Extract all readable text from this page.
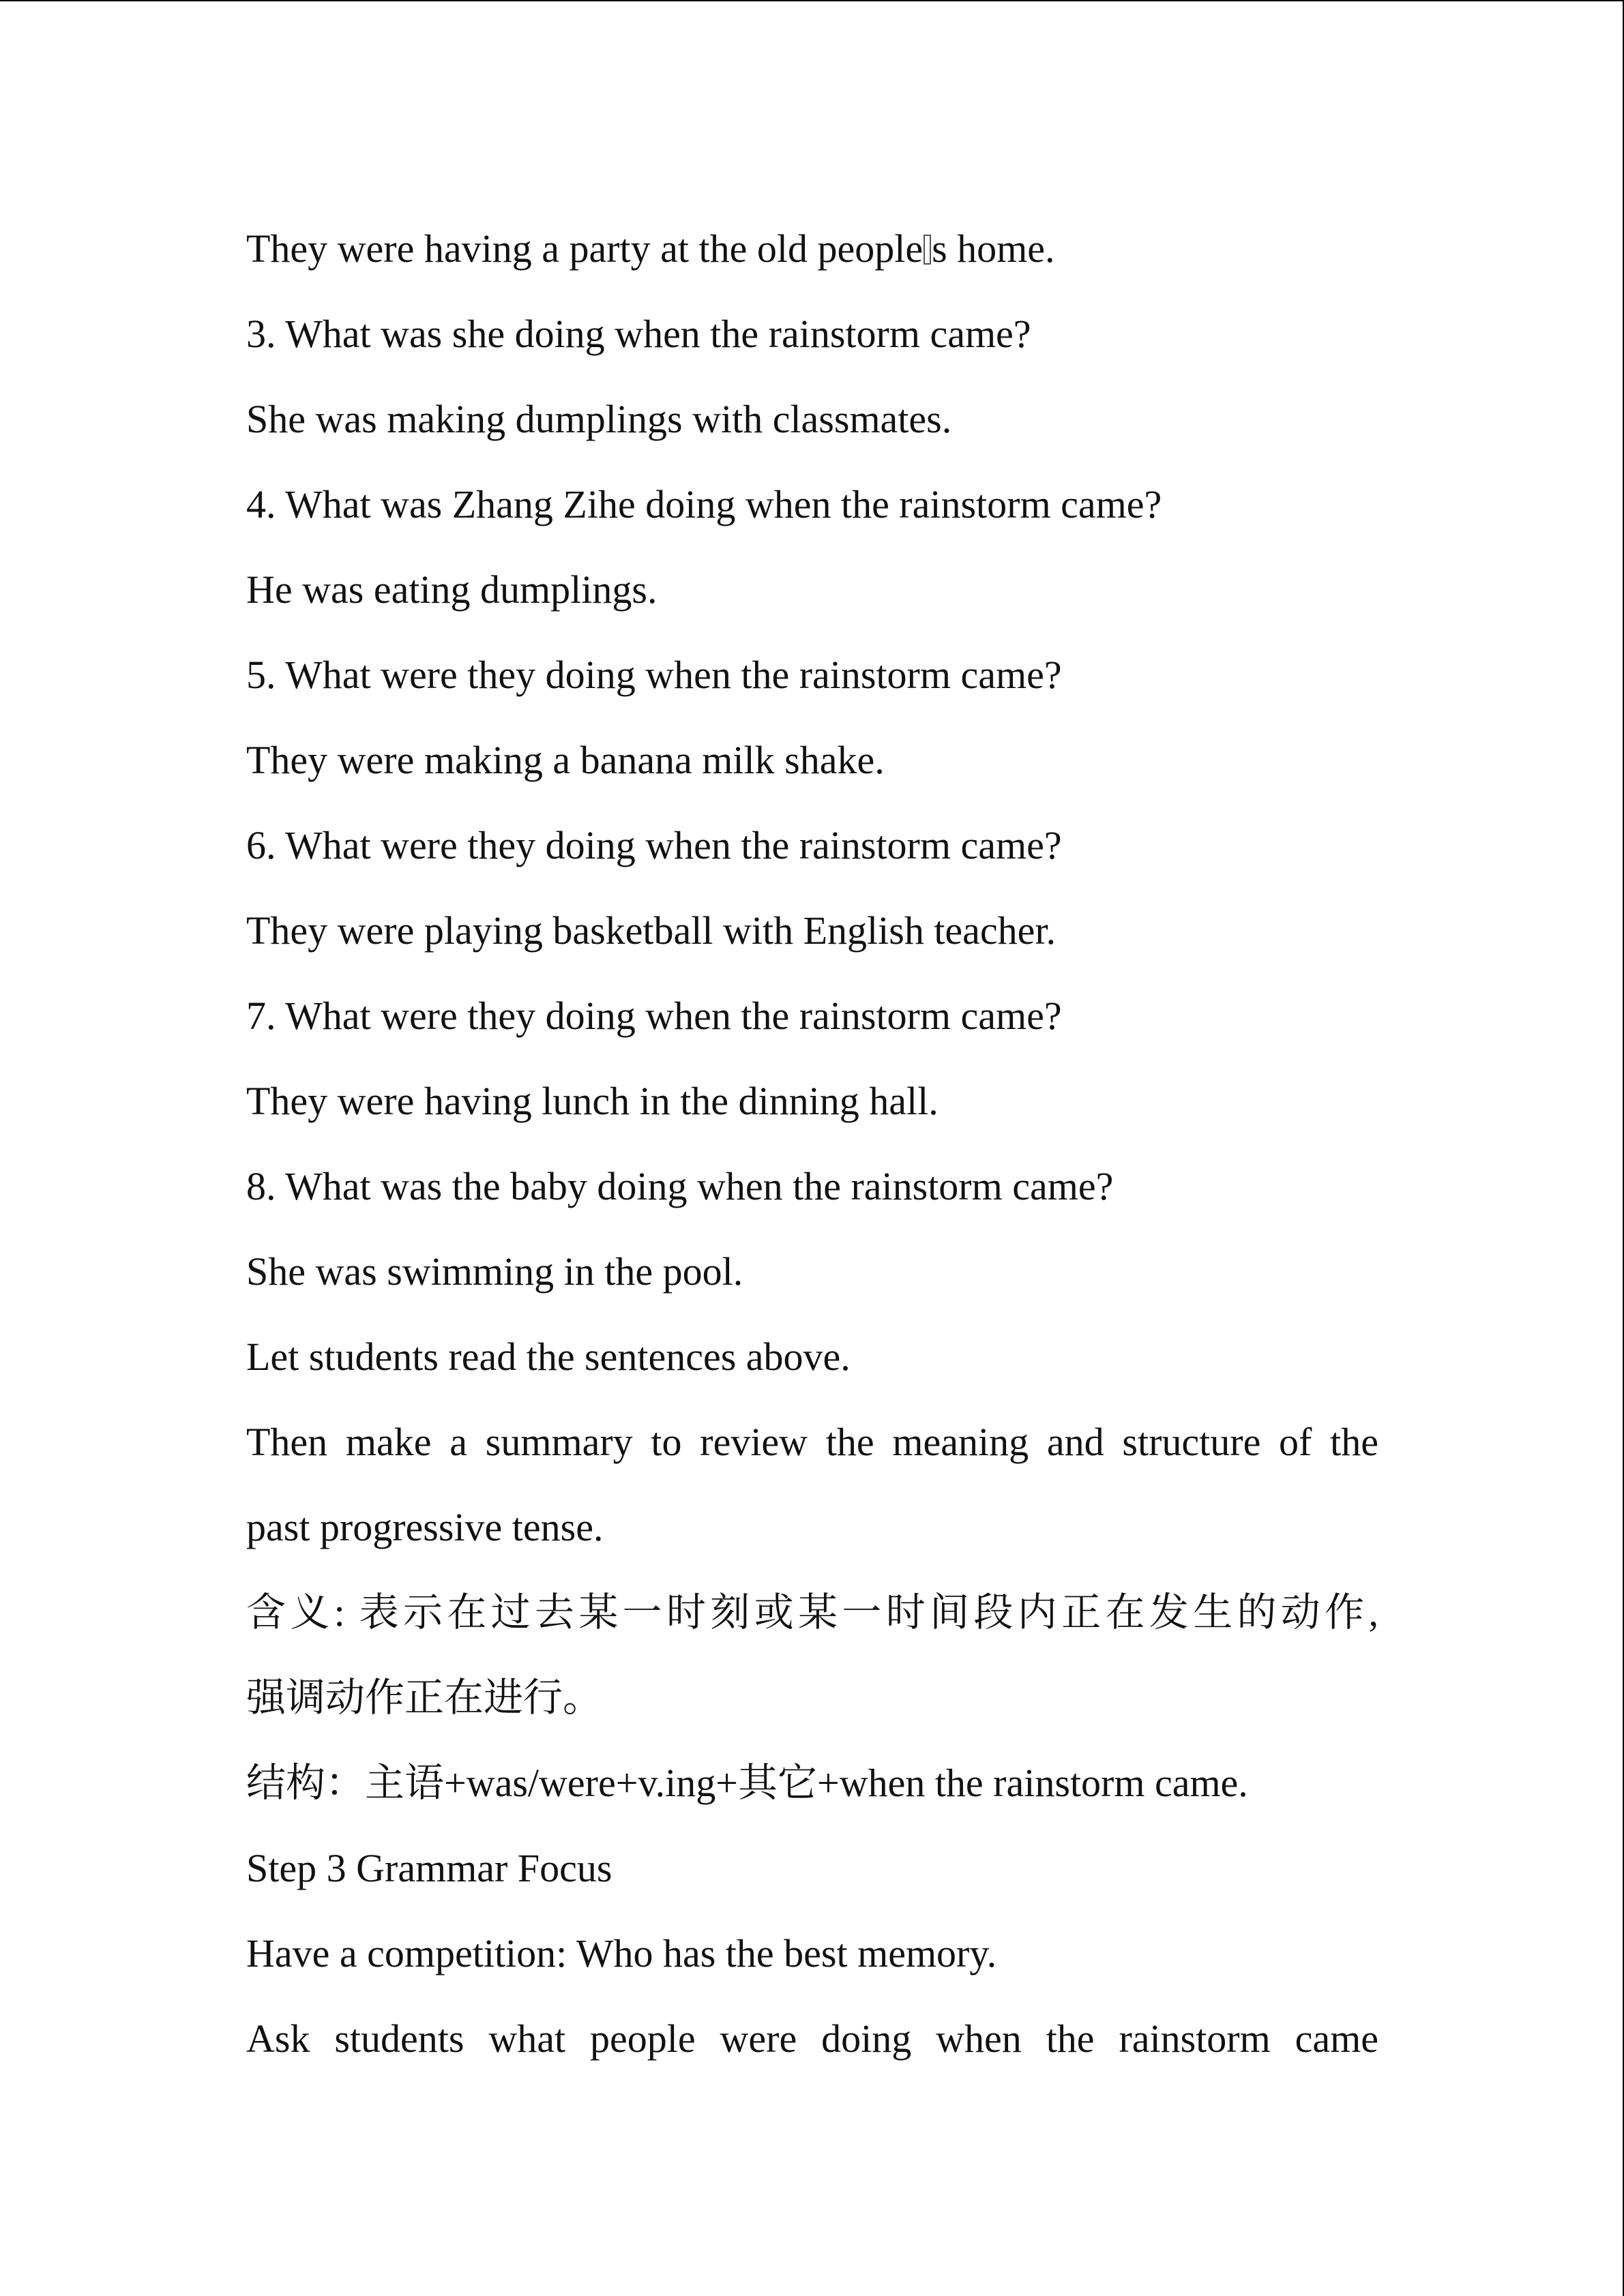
They were having a party at the old people s home.
3. What was she doing when the rainstorm came?
She was making dumplings with classmates.
4. What was Zhang Zihe doing when the rainstorm came?
He was eating dumplings.
5. What were they doing when the rainstorm came?
They were making a banana milk shake.
6. What were they doing when the rainstorm came?
They were playing basketball with English teacher.
7. What were they doing when the rainstorm came?
They were having lunch in the dinning hall.
8. What was the baby doing when the rainstorm came?
She was swimming in the pool.
Let students read the sentences above.
Then make a summary to review the meaning and structure of the
past progressive tense.
含义: 表示在过去某一时刻或某一时间段内正在发生的动作,
强调动作正在进行。
结构：主语+was/were+v.ing+其它+when the rainstorm came.
Step 3 Grammar Focus
Have a competition: Who has the best memory.
Ask students what people were doing when the rainstorm came
